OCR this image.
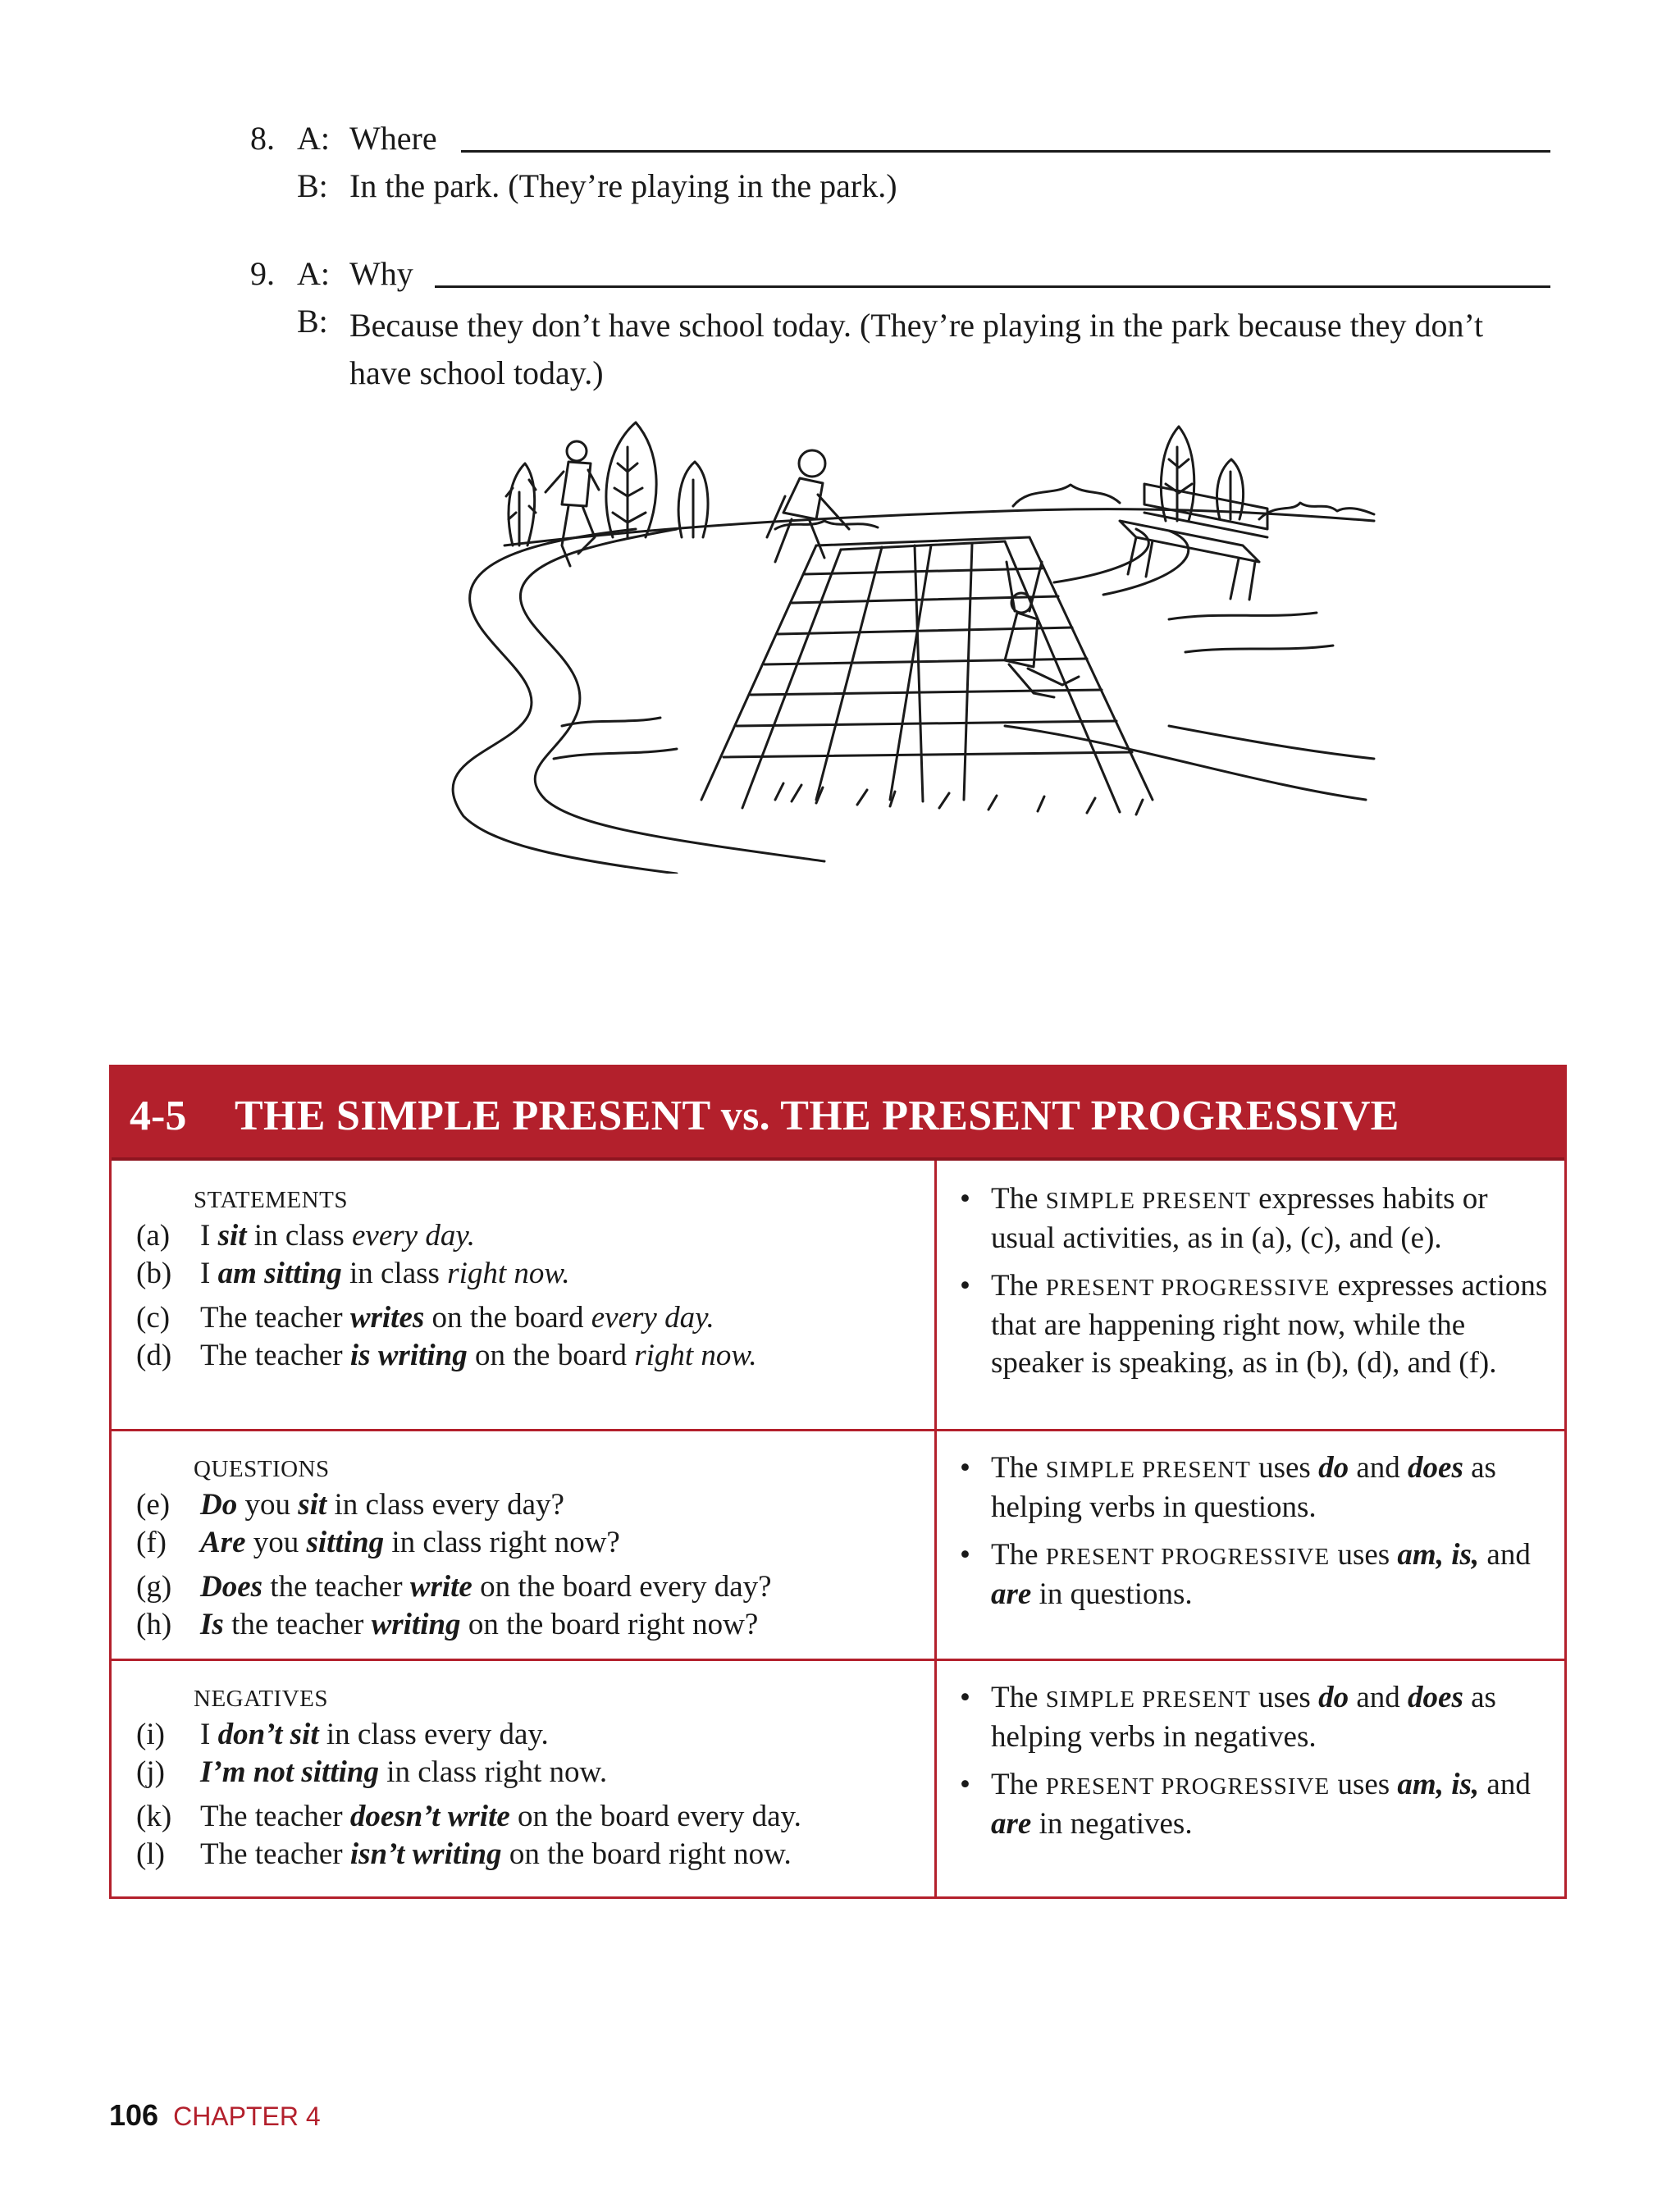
8. A: Where
B: In the park. (They’re playing in the park.)
9. A: Why
B: Because they don’t have school today. (They’re playing in the park because they don’t have school today.)
4-5 THE SIMPLE PRESENT vs. THE PRESENT PROGRESSIVE
STATEMENTS
(a) I sit in class every day.
(b) I am sitting in class right now.
(c) The teacher writes on the board every day.
(d) The teacher is writing on the board right now.
• The SIMPLE PRESENT expresses habits or usual activities, as in (a), (c), and (e).
• The PRESENT PROGRESSIVE expresses actions that are happening right now, while the speaker is speaking, as in (b), (d), and (f).
QUESTIONS
(e) Do you sit in class every day?
(f) Are you sitting in class right now?
(g) Does the teacher write on the board every day?
(h) Is the teacher writing on the board right now?
• The SIMPLE PRESENT uses do and does as helping verbs in questions.
• The PRESENT PROGRESSIVE uses am, is, and are in questions.
NEGATIVES
(i) I don’t sit in class every day.
(j) I’m not sitting in class right now.
(k) The teacher doesn’t write on the board every day.
(l) The teacher isn’t writing on the board right now.
• The SIMPLE PRESENT uses do and does as helping verbs in negatives.
• The PRESENT PROGRESSIVE uses am, is, and are in negatives.
106 CHAPTER 4
